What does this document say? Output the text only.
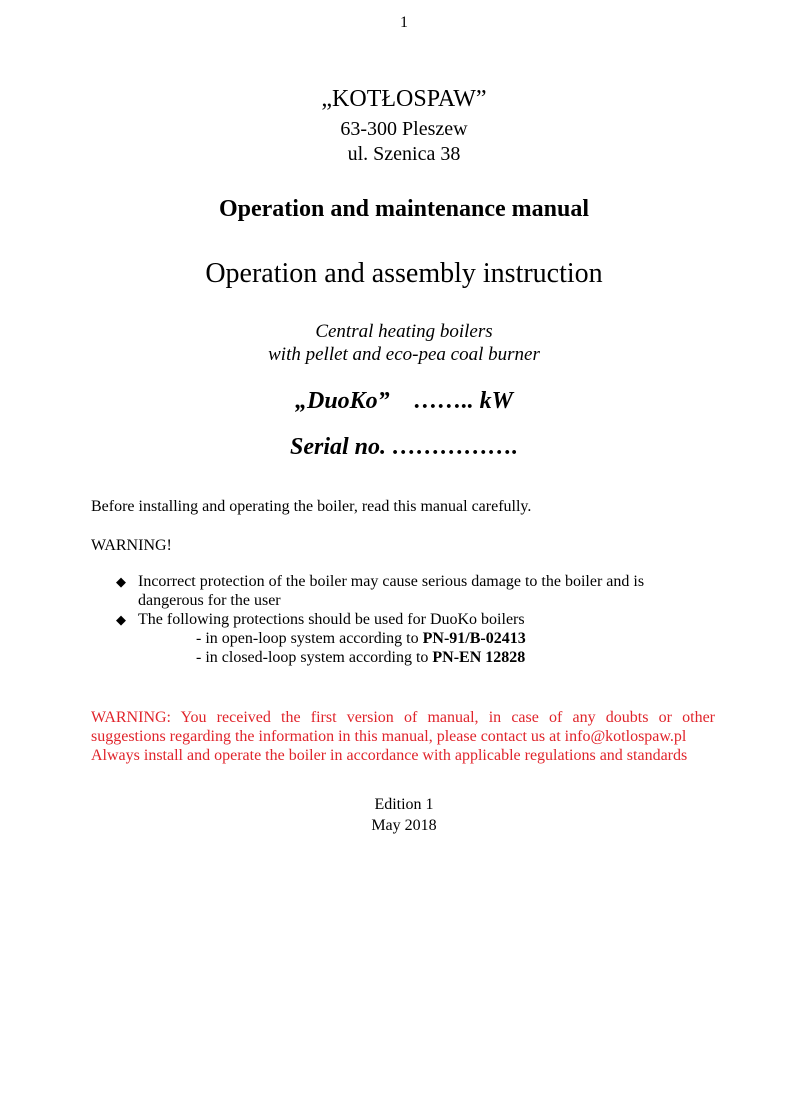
1
„KOTŁOSPAW”
63-300 Pleszew
ul. Szenica 38
Operation and maintenance manual
Operation and assembly instruction
Central heating boilers
with pellet and eco-pea coal burner
„DuoKo” …….. kW
Serial no. …………….
Before installing and operating the boiler, read this manual carefully.
WARNING!
◆ Incorrect protection of the boiler may cause serious damage to the boiler and is
dangerous for the user
◆ The following protections should be used for DuoKo boilers
- in open-loop system according to PN-91/B-02413
- in closed-loop system according to PN-EN 12828
WARNING: You received the first version of manual, in case of any doubts or other
suggestions regarding the information in this manual, please contact us at info@kotlospaw.pl
Always install and operate the boiler in accordance with applicable regulations and standards
Edition 1
May 2018
